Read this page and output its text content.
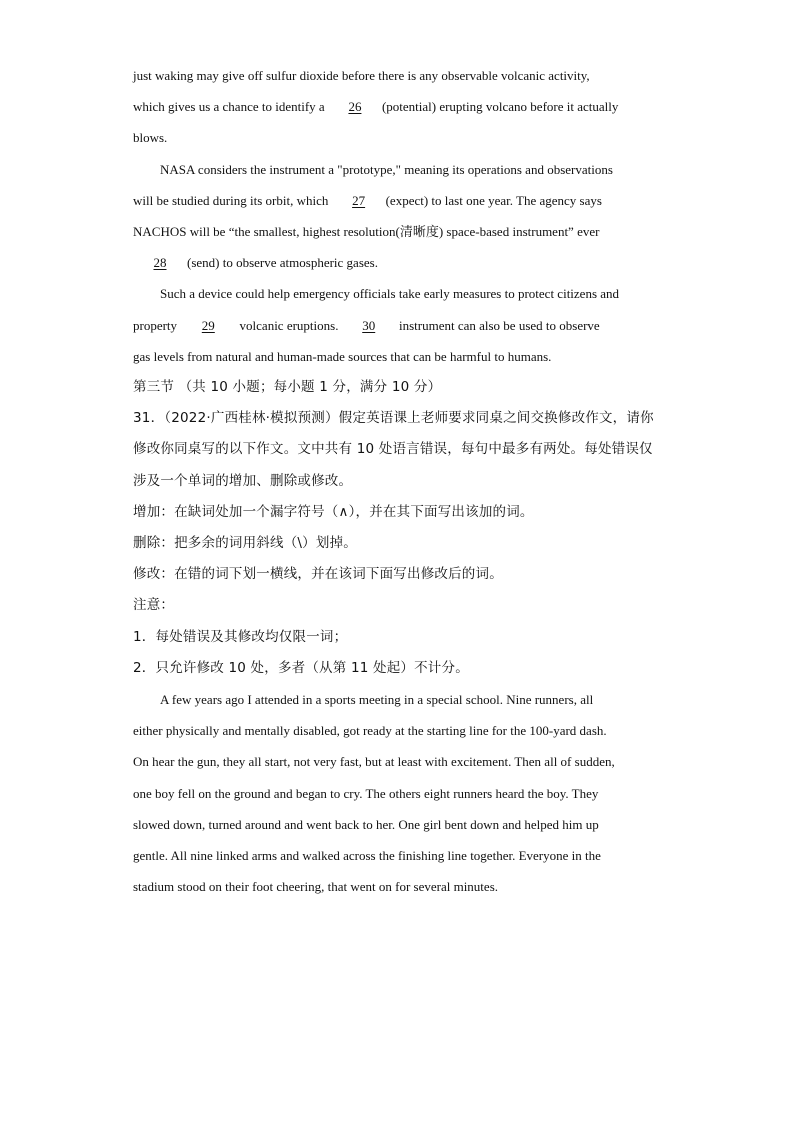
just waking may give off sulfur dioxide before there is any observable volcanic activity,

which gives us a chance to identify a 26 (potential) erupting volcano before it actually

blows.

NASA considers the instrument a "prototype," meaning its operations and observations

will be studied during its orbit, which 27 (expect) to last one year. The agency says

NACHOS will be “the smallest, highest resolution(清晰度) space-based instrument” ever

28 (send) to observe atmospheric gases.

Such a device could help emergency officials take early measures to protect citizens and

property 29 volcanic eruptions. 30 instrument can also be used to observe

gas levels from natural and human-made sources that can be harmful to humans.

第三节 （共 10 小题；每小题 1 分，满分 10 分）

31．（2022·广西桂林·模拟预测）假定英语课上老师要求同桌之间交换修改作文，请你

修改你同桌写的以下作文。文中共有 10 处语言错误，每句中最多有两处。每处错误仅

涉及一个单词的增加、删除或修改。

增加：在缺词处加一个漏字符号（∧），并在其下面写出该加的词。

删除：把多余的词用斜线（\）划掉。

修改：在错的词下划一横线，并在该词下面写出修改后的词。

注意：

1．每处错误及其修改均仅限一词；

2．只允许修改 10 处，多者（从第 11 处起）不计分。

A few years ago I attended in a sports meeting in a special school. Nine runners, all

either physically and mentally disabled, got ready at the starting line for the 100-yard dash.

On hear the gun, they all start, not very fast, but at least with excitement. Then all of sudden,

one boy fell on the ground and began to cry. The others eight runners heard the boy. They

slowed down, turned around and went back to her. One girl bent down and helped him up

gentle. All nine linked arms and walked across the finishing line together. Everyone in the

stadium stood on their foot cheering, that went on for several minutes.
